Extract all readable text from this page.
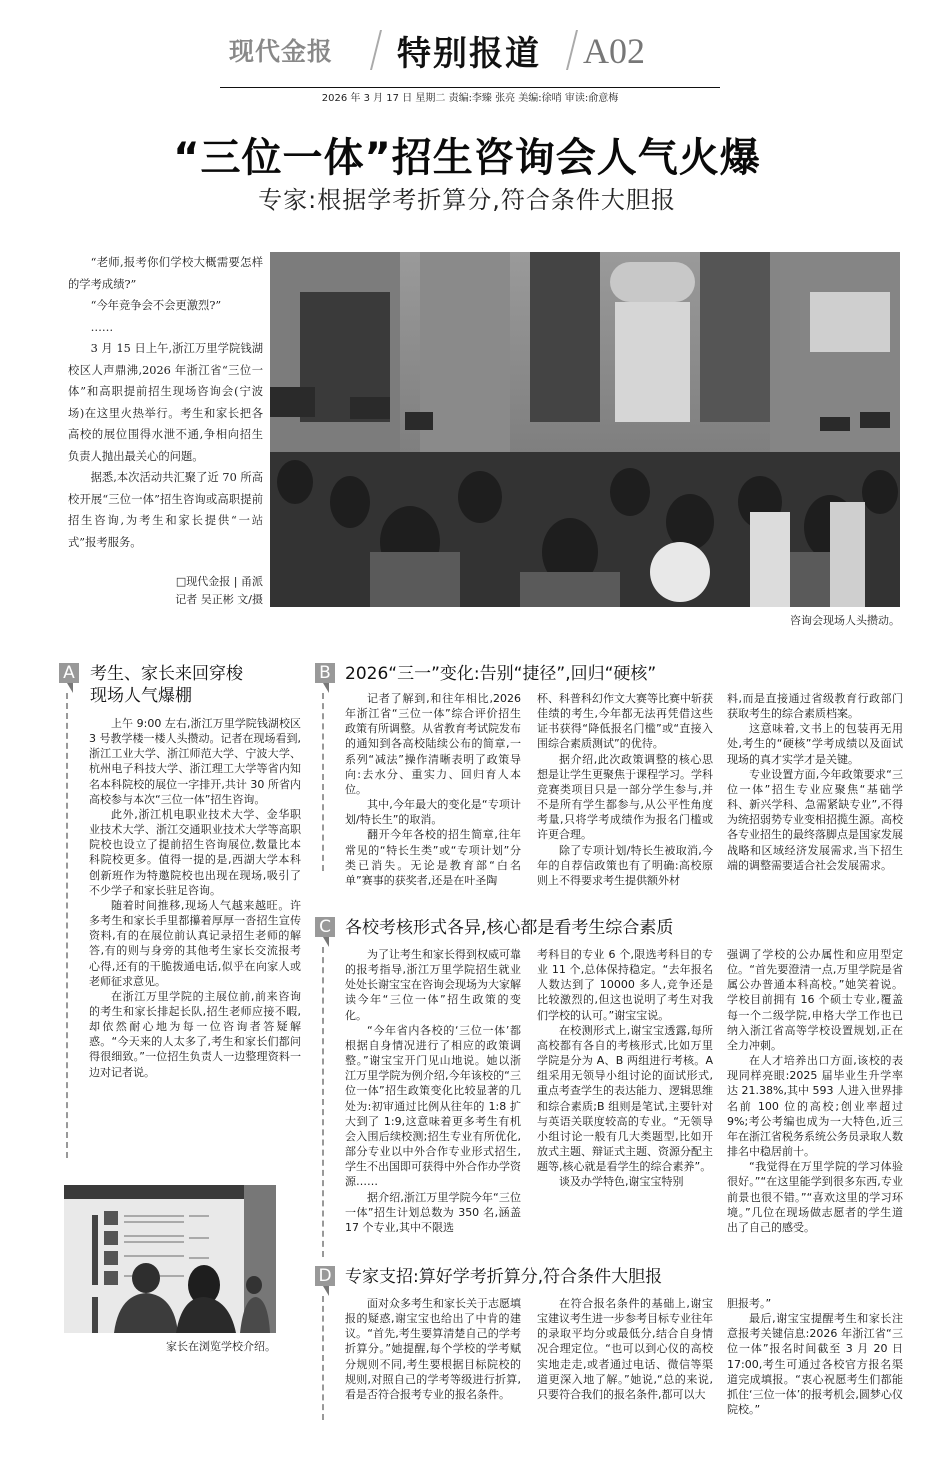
现代金报 特别报道 A02
2026 年 3 月 17 日 星期二 责编:李臻 张亮 美编:徐哨 审读:俞意梅
“三位一体”招生咨询会人气火爆
专家:根据学考折算分,符合条件大胆报

“老师,报考你们学校大概需要怎样的学考成绩?”

“今年竞争会不会更激烈?”

……

3 月 15 日上午,浙江万里学院钱湖校区人声鼎沸,2026 年浙江省“三位一体”和高职提前招生现场咨询会(宁波场)在这里火热举行。考生和家长把各高校的展位围得水泄不通,争相向招生负责人抛出最关心的问题。

据悉,本次活动共汇聚了近 70 所高校开展“三位一体”招生咨询或高职提前招生咨询,为考生和家长提供“一站式”报考服务。

□现代金报 | 甬派
记者 吴正彬 文/摄
咨询会现场人头攒动。
A 考生、家长来回穿梭
现场人气爆棚

上午 9:00 左右,浙江万里学院钱湖校区 3 号教学楼一楼人头攒动。记者在现场看到,浙江工业大学、浙江师范大学、宁波大学、杭州电子科技大学、浙江理工大学等省内知名本科院校的展位一字排开,共计 30 所省内高校参与本次“三位一体”招生咨询。

此外,浙江机电职业技术大学、金华职业技术大学、浙江交通职业技术大学等高职院校也设立了提前招生咨询展位,数量比本科院校更多。值得一提的是,西湖大学本科创新班作为特邀院校也出现在现场,吸引了不少学子和家长驻足咨询。

随着时间推移,现场人气越来越旺。许多考生和家长手里都攥着厚厚一沓招生宣传资料,有的在展位前认真记录招生老师的解答,有的则与身旁的其他考生家长交流报考心得,还有的干脆拨通电话,似乎在向家人或老师征求意见。

在浙江万里学院的主展位前,前来咨询的考生和家长排起长队,招生老师应接不暇,却依然耐心地为每一位咨询者答疑解惑。“今天来的人太多了,考生和家长们都问得很细致。”一位招生负责人一边整理资料一边对记者说。

家长在浏览学校介绍。
B 2026“三一”变化:告别“捷径”,回归“硬核”

记者了解到,和往年相比,2026 年浙江省“三位一体”综合评价招生政策有所调整。从省教育考试院发布的通知到各高校陆续公布的简章,一系列“减法”操作清晰表明了政策导向:去水分、重实力、回归育人本位。

其中,今年最大的变化是“专项计划/特长生”的取消。

翻开今年各校的招生简章,往年常见的“特长生类”或“专项计划”分类已消失。无论是教育部“白名单”赛事的获奖者,还是在叶圣陶

杯、科普科幻作文大赛等比赛中斩获佳绩的考生,今年都无法再凭借这些证书获得“降低报名门槛”或“直接入围综合素质测试”的优待。

据介绍,此次政策调整的核心思想是让学生更聚焦于课程学习。学科竞赛类项目只是一部分学生参与,并不是所有学生都参与,从公平性角度考量,只将学考成绩作为报名门槛或许更合理。

除了专项计划/特长生被取消,今年的自荐信政策也有了明确:高校原则上不得要求考生提供额外材

料,而是直接通过省级教育行政部门获取考生的综合素质档案。

这意味着,文书上的包装再无用处,考生的“硬核”学考成绩以及面试现场的真才实学才是关键。

专业设置方面,今年政策要求“三位一体”招生专业应聚焦“基础学科、新兴学科、急需紧缺专业”,不得为统招弱势专业变相招揽生源。高校各专业招生的最终落脚点是国家发展战略和区域经济发展需求,当下招生端的调整需要适合社会发展需求。

C 各校考核形式各异,核心都是看考生综合素质

为了让考生和家长得到权威可靠的报考指导,浙江万里学院招生就业处处长谢宝宝在咨询会现场为大家解读今年“三位一体”招生政策的变化。

“今年省内各校的‘三位一体’都根据自身情况进行了相应的政策调整。”谢宝宝开门见山地说。她以浙江万里学院为例介绍,今年该校的“三位一体”招生政策变化比较显著的几处为:初审通过比例从往年的 1:8 扩大到了 1:9,这意味着更多考生有机会入围后续校测;招生专业有所优化,部分专业以中外合作专业形式招生,学生不出国即可获得中外合作办学资源……

据介绍,浙江万里学院今年“三位一体”招生计划总数为 350 名,涵盖 17 个专业,其中不限选

考科目的专业 6 个,限选考科目的专业 11 个,总体保持稳定。“去年报名人数达到了 10000 多人,竞争还是比较激烈的,但这也说明了考生对我们学校的认可。”谢宝宝说。

在校测形式上,谢宝宝透露,每所高校都有各自的考核形式,比如万里学院是分为 A、B 两组进行考核。A 组采用无领导小组讨论的面试形式,重点考查学生的表达能力、逻辑思维和综合素质;B 组则是笔试,主要针对与英语关联度较高的专业。“无领导小组讨论一般有几大类题型,比如开放式主题、辩证式主题、资源分配主题等,核心就是看学生的综合素养”。

谈及办学特色,谢宝宝特别

强调了学校的公办属性和应用型定位。“首先要澄清一点,万里学院是省属公办普通本科高校。”她笑着说。学校目前拥有 16 个硕士专业,覆盖每一个二级学院,申格大学工作也已纳入浙江省高等学校设置规划,正在全力冲刺。

在人才培养出口方面,该校的表现同样亮眼:2025 届毕业生升学率达 21.38%,其中 593 人进入世界排名前 100 位的高校;创业率超过 9%;考公考编也成为一大特色,近三年在浙江省税务系统公务员录取人数排名中稳居前十。

“我觉得在万里学院的学习体验很好。”“在这里能学到很多东西,专业前景也很不错。”“喜欢这里的学习环境。”几位在现场做志愿者的学生道出了自己的感受。

D 专家支招:算好学考折算分,符合条件大胆报

面对众多考生和家长关于志愿填报的疑惑,谢宝宝也给出了中肯的建议。“首先,考生要算清楚自己的学考折算分。”她提醒,每个学校的学考赋分规则不同,考生要根据目标院校的规则,对照自己的学考等级进行折算,看是否符合报考专业的报名条件。

在符合报名条件的基础上,谢宝宝建议考生进一步参考目标专业往年的录取平均分或最低分,结合自身情况合理定位。“也可以到心仪的高校实地走走,或者通过电话、微信等渠道更深入地了解。”她说,“总的来说,只要符合我们的报名条件,都可以大

胆报考。”

最后,谢宝宝提醒考生和家长注意报考关键信息:2026 年浙江省“三位一体”报名时间截至 3 月 20 日 17:00,考生可通过各校官方报名渠道完成填报。“衷心祝愿考生们都能抓住‘三位一体’的报考机会,圆梦心仪院校。”
